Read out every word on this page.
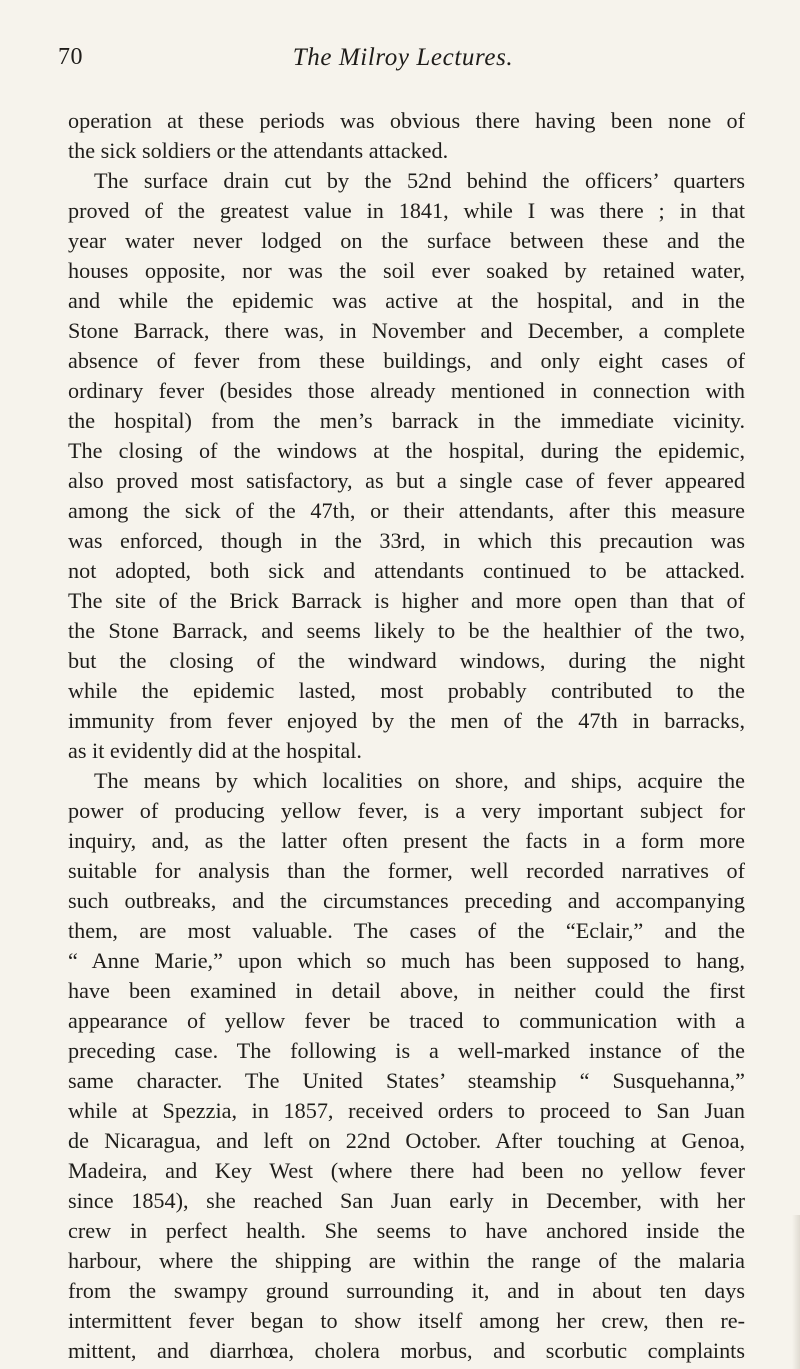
70	The Milroy Lectures.
operation at these periods was obvious there having been none of
the sick soldiers or the attendants attacked.
The surface drain cut by the 52nd behind the officers’ quarters
proved of the greatest value in 1841, while I was there ; in that
year water never lodged on the surface between these and the
houses opposite, nor was the soil ever soaked by retained water,
and while the epidemic was active at the hospital, and in the
Stone Barrack, there was, in November and December, a complete
absence of fever from these buildings, and only eight cases of
ordinary fever (besides those already mentioned in connection with
the hospital) from the men’s barrack in the immediate vicinity.
The closing of the windows at the hospital, during the epidemic,
also proved most satisfactory, as but a single case of fever appeared
among the sick of the 47th, or their attendants, after this measure
was enforced, though in the 33rd, in which this precaution was
not adopted, both sick and attendants continued to be attacked.
The site of the Brick Barrack is higher and more open than that of
the Stone Barrack, and seems likely to be the healthier of the two,
but the closing of the windward windows, during the night
while the epidemic lasted, most probably contributed to the
immunity from fever enjoyed by the men of the 47th in barracks,
as it evidently did at the hospital.
The means by which localities on shore, and ships, acquire the
power of producing yellow fever, is a very important subject for
inquiry, and, as the latter often present the facts in a form more
suitable for analysis than the former, well recorded narratives of
such outbreaks, and the circumstances preceding and accompanying
them, are most valuable. The cases of the “Eclair,” and the
“ Anne Marie,” upon which so much has been supposed to hang,
have been examined in detail above, in neither could the first
appearance of yellow fever be traced to communication with a
preceding case. The following is a well-marked instance of the
same character. The United States’ steamship “ Susquehanna,”
while at Spezzia, in 1857, received orders to proceed to San Juan
de Nicaragua, and left on 22nd October. After touching at Genoa,
Madeira, and Key West (where there had been no yellow fever
since 1854), she reached San Juan early in December, with her
crew in perfect health. She seems to have anchored inside the
harbour, where the shipping are within the range of the malaria
from the swampy ground surrounding it, and in about ten days
intermittent fever began to show itself among her crew, then re-
mittent, and diarrhœa, cholera morbus, and scorbutic complaints
